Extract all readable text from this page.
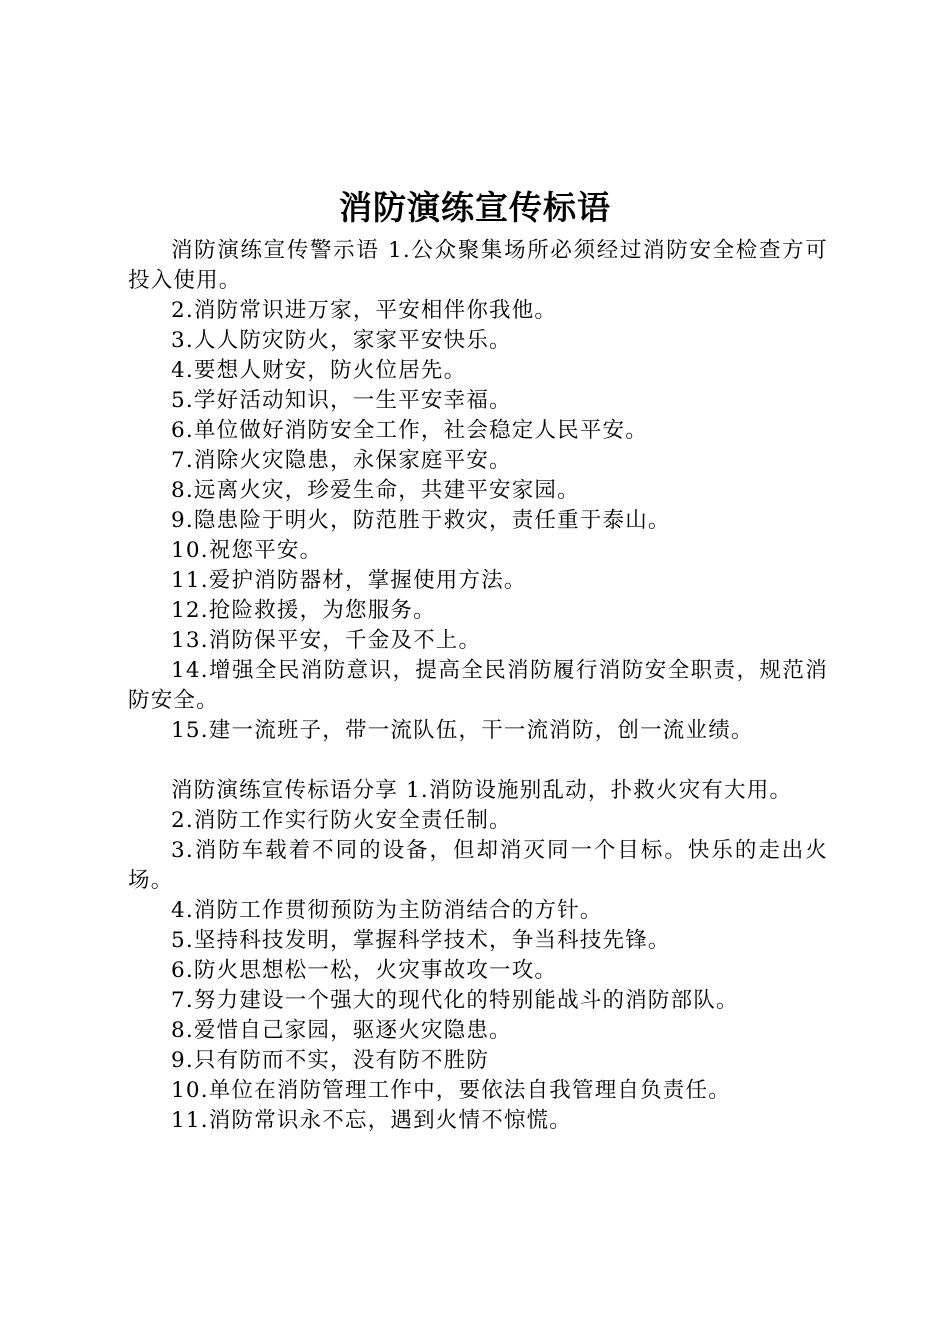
消防演练宣传标语

消防演练宣传警示语 1.公众聚集场所必须经过消防安全检查方可投入使用。

2.消防常识进万家，平安相伴你我他。

3.人人防灾防火，家家平安快乐。

4.要想人财安，防火位居先。

5.学好活动知识，一生平安幸福。

6.单位做好消防安全工作，社会稳定人民平安。

7.消除火灾隐患，永保家庭平安。

8.远离火灾，珍爱生命，共建平安家园。

9.隐患险于明火，防范胜于救灾，责任重于泰山。

10.祝您平安。

11.爱护消防器材，掌握使用方法。

12.抢险救援，为您服务。

13.消防保平安，千金及不上。

14.增强全民消防意识，提高全民消防履行消防安全职责，规范消防安全。

15.建一流班子，带一流队伍，干一流消防，创一流业绩。

消防演练宣传标语分享 1.消防设施别乱动，扑救火灾有大用。

2.消防工作实行防火安全责任制。

3.消防车载着不同的设备，但却消灭同一个目标。快乐的走出火场。

4.消防工作贯彻预防为主防消结合的方针。

5.坚持科技发明，掌握科学技术，争当科技先锋。

6.防火思想松一松，火灾事故攻一攻。

7.努力建设一个强大的现代化的特别能战斗的消防部队。

8.爱惜自己家园，驱逐火灾隐患。

9.只有防而不实，没有防不胜防

10.单位在消防管理工作中，要依法自我管理自负责任。

11.消防常识永不忘，遇到火情不惊慌。
